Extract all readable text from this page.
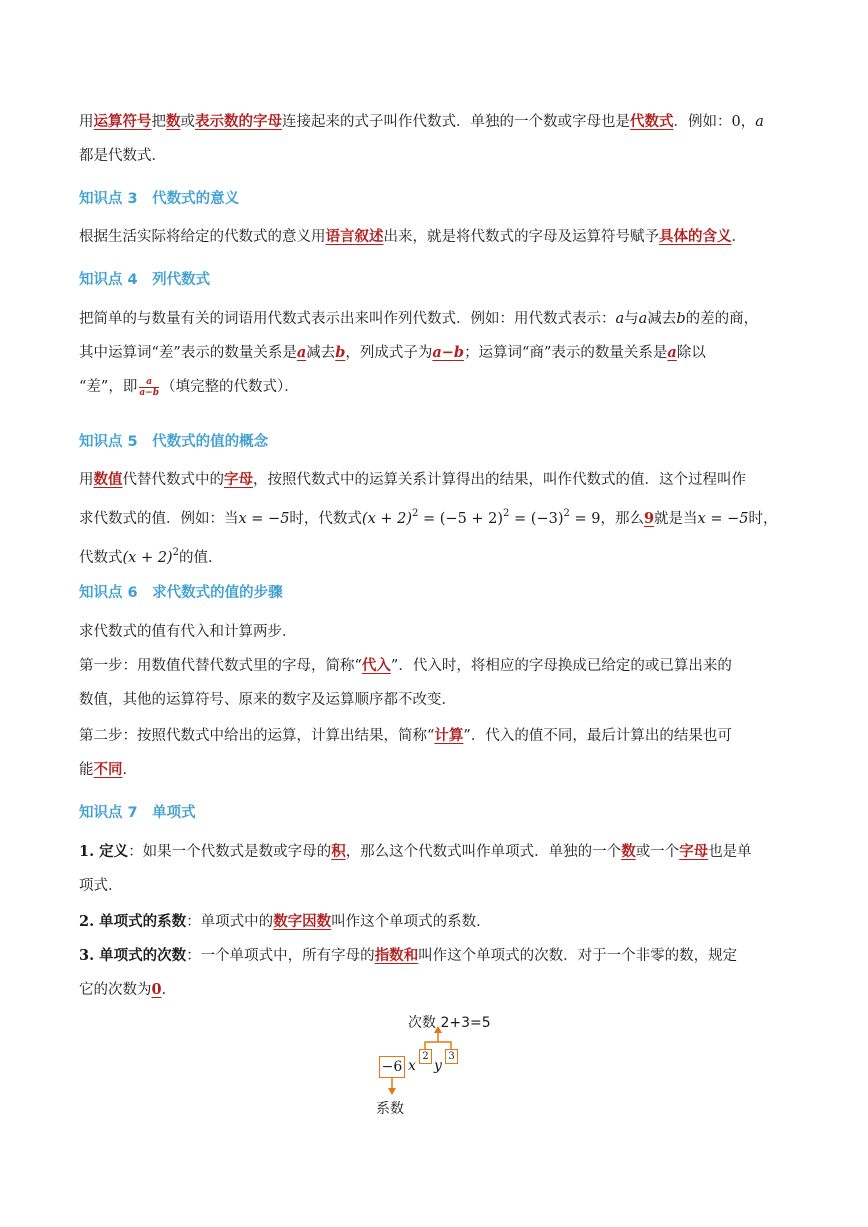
用运算符号把数或表示数的字母连接起来的式子叫作代数式．单独的一个数或字母也是代数式．例如：0，a
都是代数式．
知识点 3　代数式的意义
根据生活实际将给定的代数式的意义用语言叙述出来，就是将代数式的字母及运算符号赋予具体的含义．
知识点 4　列代数式
把简单的与数量有关的词语用代数式表示出来叫作列代数式．例如：用代数式表示：a与a减去b的差的商，
其中运算词“差”表示的数量关系是a减去b，列成式子为a−b；运算词“商”表示的数量关系是a除以
“差”，即 $\frac{a}{a-b}$ （填完整的代数式）．
知识点 5　代数式的值的概念
用数值代替代数式中的字母，按照代数式中的运算关系计算得出的结果，叫作代数式的值．这个过程叫作
求代数式的值．例如：当x = −5时，代数式$(x + 2)^2 = (-5 + 2)^2 = (-3)^2 = 9$，那么9就是当x = −5时，
代数式$(x + 2)^2$的值．
知识点 6　求代数式的值的步骤
求代数式的值有代入和计算两步．
第一步：用数值代替代数式里的字母，简称“代入”．代入时，将相应的字母换成已给定的或已算出来的
数值，其他的运算符号、原来的数字及运算顺序都不改变．
第二步：按照代数式中给出的运算，计算出结果，简称“计算”．代入的值不同，最后计算出的结果也可
能不同．
知识点 7　单项式
1. 定义：如果一个代数式是数或字母的积，那么这个代数式叫作单项式．单独的一个数或一个字母也是单
项式．
2. 单项式的系数：单项式中的数字因数叫作这个单项式的系数．
3. 单项式的次数：一个单项式中，所有字母的指数和叫作这个单项式的次数．对于一个非零的数，规定
它的次数为0．
次数 2+3=5
−6 x
2
y
3
系数
